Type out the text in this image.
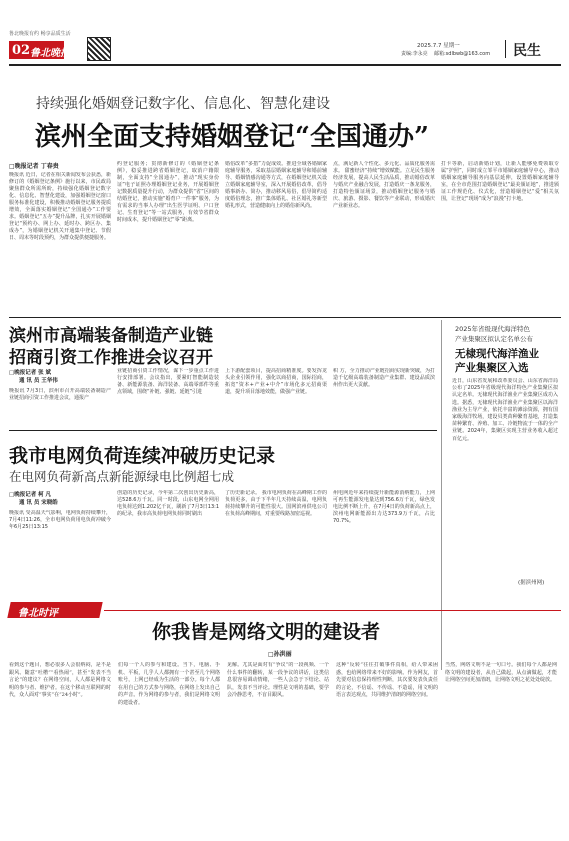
鲁北晚报有约 畅享品质生活
02 鲁北晚报
2025.7.7 星期一
责编:李永亮 邮箱:sdlbwb@163.com 民生
持续强化婚姻登记数字化、信息化、智慧化建设
滨州全面支持婚姻登记“全国通办”
□晚报记者 丁春贵
晚报讯 近日，记者在相关新闻发布会获悉，新修订的《婚姻登记条例》施行以来，市民政局聚焦群众所需所盼，持续强化婚姻登记数字化、信息化、智慧化建设，加强婚姻登记窗口服务标准化建设，积极推动婚姻登记服务提质增效，全面落实婚姻登记“全国通办”工作要求。婚姻登记“五办”提升品牌，扎实开展婚姻登记“预约办、网上办、延时办、跨区办、集成办”，为婚姻登记机关开通集中登记、节假日、周末等时段预约，为群众提供便捷服务。
约登记服务；贯彻新修订的《婚姻登记条例》，稳妥推进跨省婚姻登记，取消户籍限制，全面支持“全国通办”，推动“现实身份证”电子证照办理婚姻登记业务，开展婚姻登记数据质量提升行动，为群众提供“省”区间的结婚登记，推动实施“婚育户一件事”服务，为有需求的当事人办理“出生医学证明、户口登记、生育登记”等一站式服务，有效节省群众时间成本，提升婚姻登记“零”距离。
婚俗改革“多措”力促成效。推进全域各婚姻家庭辅导服务，采取基层婚姻家庭辅导和婚前辅导、婚姻情感沟通等方式，在婚姻登记机关设立婚姻家庭辅导室，深入开展婚俗改革，倡导婚事新办、简办，推动移风易俗，倡导简约适度婚俗理念，推广集体婚礼、社区婚礼等新型婚礼形式，营造健康向上的婚俗新风尚。
点，满足新人个性化、多元化、品质化服务需求。 甜蜜经济“持续”增效赋能。立足民生服务经济发展，提高人民生活品质，推动婚俗改革与婚庆产业融合发展，打造婚庆一条龙服务，打造特色颁证场景，推动婚姻登记服务与婚庆、旅游、摄影、餐饮等产业联动，形成婚庆产业新业态。
打卡等新，启动新婚计划，让新人能够免费领取专属“护照”，同时成立邹平市婚姻家庭辅导中心，推动婚姻家庭辅导服务向基层延伸，设置婚姻家庭辅导室，在全市范围打造婚姻登记“最美颁证地”，推进颁证工作规范化、仪式化，营造婚姻登记“爱”相关氛围，让登记“现场”成为“浪漫”打卡地。
滨州市高端装备制造产业链
招商引资工作推进会议召开
□晚报记者 张 斌
通 讯 员 王华伟
晚报讯 7月3日，滨州市召开高端装备制造产业链招商引资工作推进会议，通报产
业链招商引资工作情况，谋下一步重点工作进行安排部署。会议指出，要紧盯智能制造装备、新能源装备、海洋装备、高端零部件等重点领域，围绕“补链、强链、延链”引进
上下游配套项目，提高招商精准度。要发挥龙头企业引领作用，强化以商招商，国际招商，拓宽“资本+产业+中介”市场化多元招商渠道，提升项目落地效能，做强产业链。
积 方，全力推动产业链招商实现新突破，为打造千亿级高端装备制造产业集群、建设品质滨州作出更大贡献。
2025年省级现代海洋特色
产业集聚区拟认定名单公布
无棣现代海洋渔业
产业集聚区入选
近日，山东省发展和改革委员会、山东省海洋局公布了2025年省级现代海洋特色产业集聚区拟认定名单。无棣现代海洋渔业产业集聚区成功入选。据悉，无棣现代海洋渔业产业集聚区以海洋渔业为主导产业，依托丰富的滩涂资源，拥有国家级海洋牧场，建设贝类苗种繁育基地，打造集苗种繁育、养殖、加工、冷链物流于一体的全产业链。2024年，集聚区实现主营业务收入超过百亿元。
(据滨州网)
我市电网负荷连续冲破历史记录
在电网负荷新高点新能源绿电比例超七成
□晚报记者 柯 凡
通 讯 员 宋晓皓
晚报讯 受高温天气影响，电网负荷持续攀升，7月4日11:26，全市电网负荷用电负荷冲破今年6月25日13:15
创造的历史记录，今年第二次创出历史新高，达528.6万千瓦。同一时段，山东电网全网用电负荷达到1.202亿千瓦，刷新了7月3日13:1的纪录，我市高负荷电网负荷同时刷出
了历史新记录。 我市电网负荷在高峰期工作的负荷更多，由于下半年几天持续高温，电网负荷持续攀升的可能性很大。国网滨州供电公司在负荷高峰期间，对重要线路加密巡视。
州电网近年来持续提升新能源消纳能力，上网可再生能源发电量达到756.6万千瓦，绿色发电比例不断上升，在7月4日的负荷新高点上，滨州电网新能源出力达373.9万千瓦，占比70.7%。
鲁北时评
你我皆是网络文明的建设者
□孙洪丽
看到这个题目，想必很多人会很纳闷，是不是跟风、随意“吐槽”“看热闹”，甚至“发表不当言论”的建议？在网络空间，人人都是网络文明的参与者、维护者。在这个移动互联网的时代，众人面对“事实”在“24小时”。
们每一个人的参与和建设。当下，电脑、手机、平板，几乎人人都拥有一个甚至几个网络账号，上网已经成为生活的一部分。每个人都在用自己的方式参与网络，在网络上发出自己的声音。作为网络的参与者，我们是网络文明的建设者。
见解。尤其是面对有“争议”的一段视频、一个什么事件的翻转，某一段争议的讲话，这类信息很容易调动情绪，一些人会急于下结论、站队，发表不当评论。理性是文明的基础，要学会冷静思考，不盲目跟风。
这种“反转”往往打破事件真相，给人带来困惑，也给网络带来不好的影响。作为网友，首先要对信息保持理性判断，其次要发表负责任的言论，不信谣、不传谣、不造谣，用文明的语言表达观点，共同维护清朗的网络空间。
当然，网络文明不是一句口号。我们每个人都是网络文明的建设者，从自己做起，从点滴做起，才能让网络空间更加清朗，让网络文明之花处处绽放。
